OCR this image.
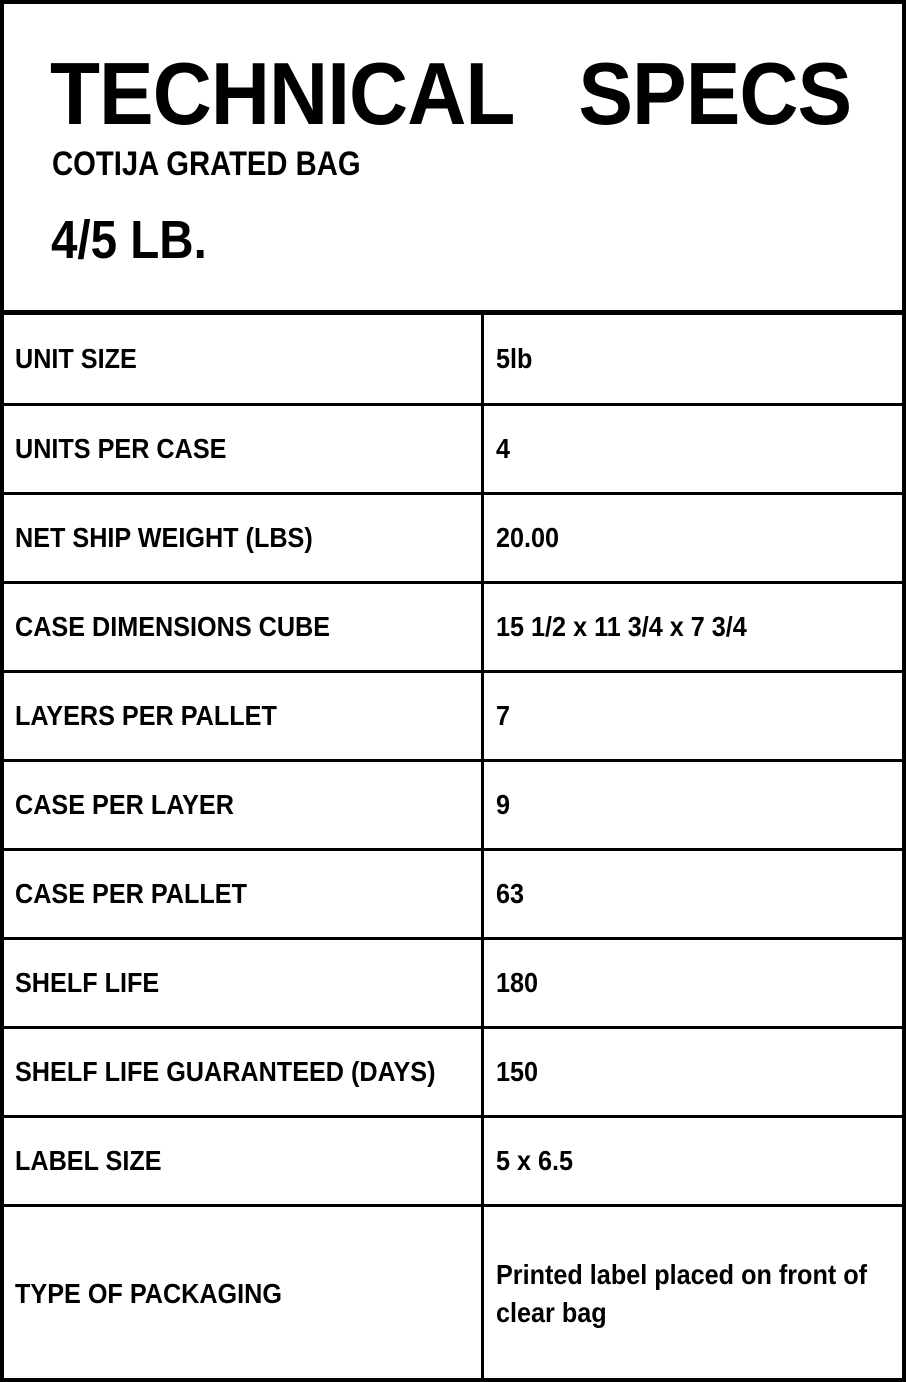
TECHNICAL   SPECS

COTIJA GRATED BAG

4/5 LB.

UNIT SIZE	5lb
UNITS PER CASE	4
NET SHIP WEIGHT (LBS)	20.00
CASE DIMENSIONS CUBE	15 1/2 x 11 3/4 x 7 3/4
LAYERS PER PALLET	7
CASE PER LAYER	9
CASE PER PALLET	63
SHELF LIFE	180
SHELF LIFE GUARANTEED (DAYS)	150
LABEL SIZE	5 x 6.5
TYPE OF PACKAGING	Printed label placed on front of clear bag
